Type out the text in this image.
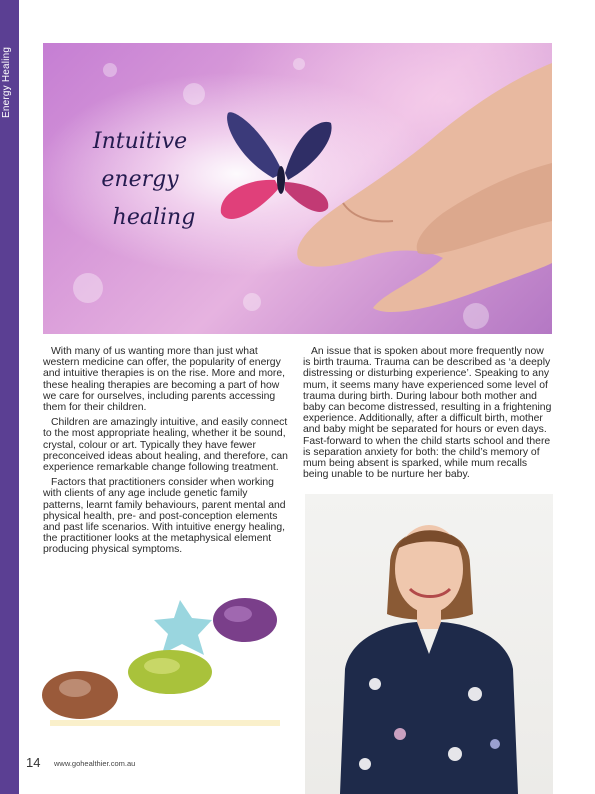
Energy Healing
Intuitive energy
healing

With many of us wanting more than just what western medicine can offer, the popularity of energy and intuitive therapies is on the rise. More and more, these healing therapies are becoming a part of how we care for ourselves, including parents accessing them for their children.

Children are amazingly intuitive, and easily connect to the most appropriate healing, whether it be sound, crystal, colour or art. Typically they have fewer preconceived ideas about healing, and therefore, can experience remarkable change following treatment.

Factors that practitioners consider when working with clients of any age include genetic family patterns, learnt family behaviours, parent mental and physical health, pre- and post-conception elements and past life scenarios. With intuitive energy healing, the practitioner looks at the metaphysical element producing physical symptoms.

An issue that is spoken about more frequently now is birth trauma. Trauma can be described as ‘a deeply distressing or disturbing experience’. Speaking to any mum, it seems many have experienced some level of trauma during birth. During labour both mother and baby can become distressed, resulting in a frightening experience. Additionally, after a difficult birth, mother and baby might be separated for hours or even days. Fast-forward to when the child starts school and there is separation anxiety for both: the child’s memory of mum being absent is sparked, while mum recalls being unable to be nurture her baby.

14 www.gohealthier.com.au
